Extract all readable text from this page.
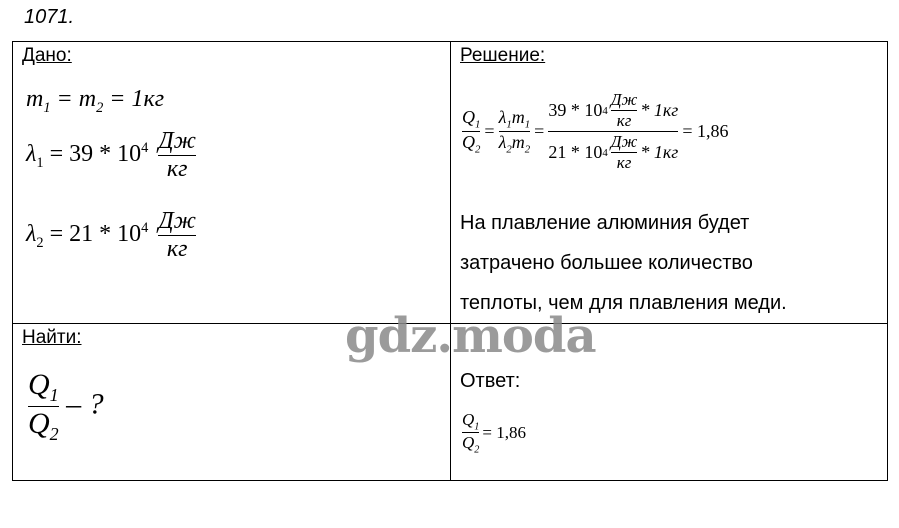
1071.
Дано:
$m_1 = m_2 = 1кг$
$\lambda_1 = 39 * 10^4 \frac{Дж}{кг}$
$\lambda_2 = 21 * 10^4 \frac{Дж}{кг}$
Найти:
$\frac{Q_1}{Q_2}$ – ?
Решение:
$\frac{Q_1}{Q_2} = \frac{\lambda_1m_1}{\lambda_2m_2} = \frac{39 * 10 4 \frac{Дж}{кг} * 1кг}{21 * 10 4 \frac{Дж}{кг} * 1кг} = 1,86$
На плавление алюминия будет
затрачено большее количество
теплоты, чем для плавления меди.
Ответ:
$\frac{Q_1}{Q_2} = 1,86$
gdz.moda
